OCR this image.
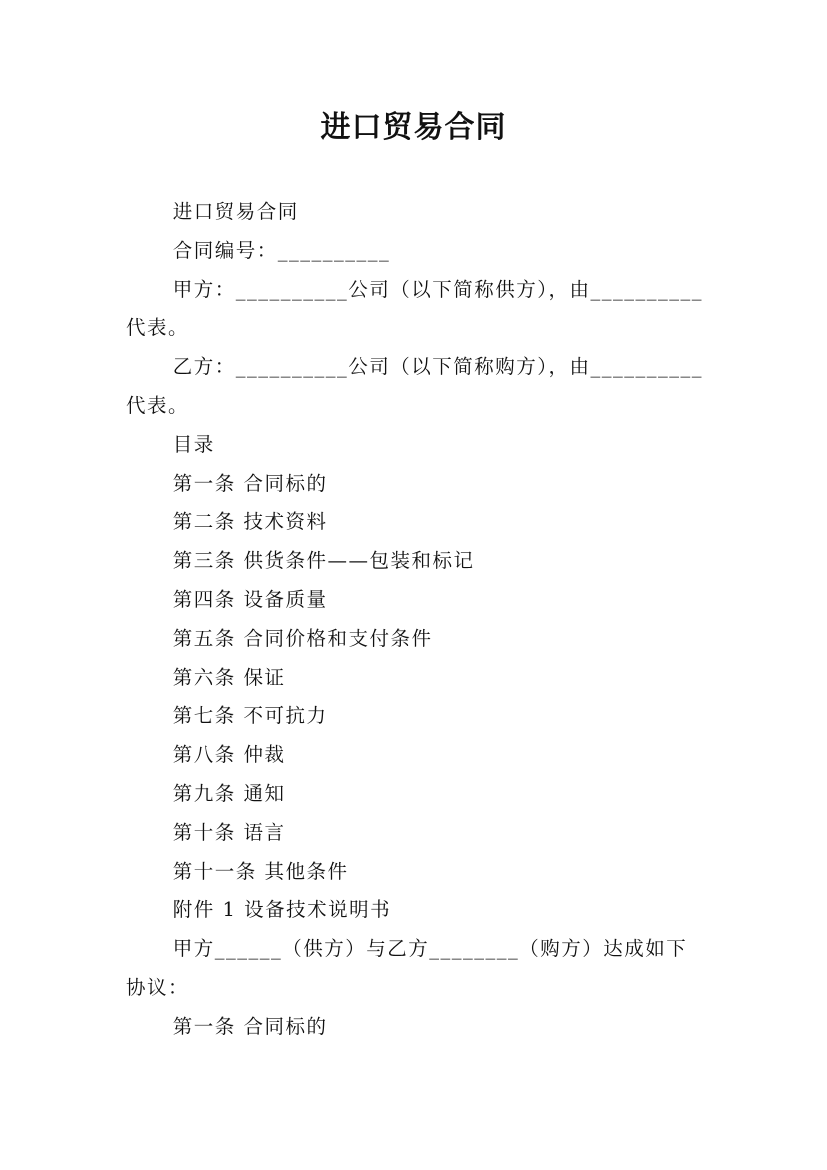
进口贸易合同

进口贸易合同

合同编号：__________

甲方：__________公司（以下简称供方），由__________代表。

乙方：__________公司（以下简称购方），由__________代表。

目录

第一条 合同标的

第二条 技术资料

第三条 供货条件——包装和标记

第四条 设备质量

第五条 合同价格和支付条件

第六条 保证

第七条 不可抗力

第八条 仲裁

第九条 通知

第十条 语言

第十一条 其他条件

附件 1 设备技术说明书

甲方______（供方）与乙方________（购方）达成如下协议：

第一条 合同标的
